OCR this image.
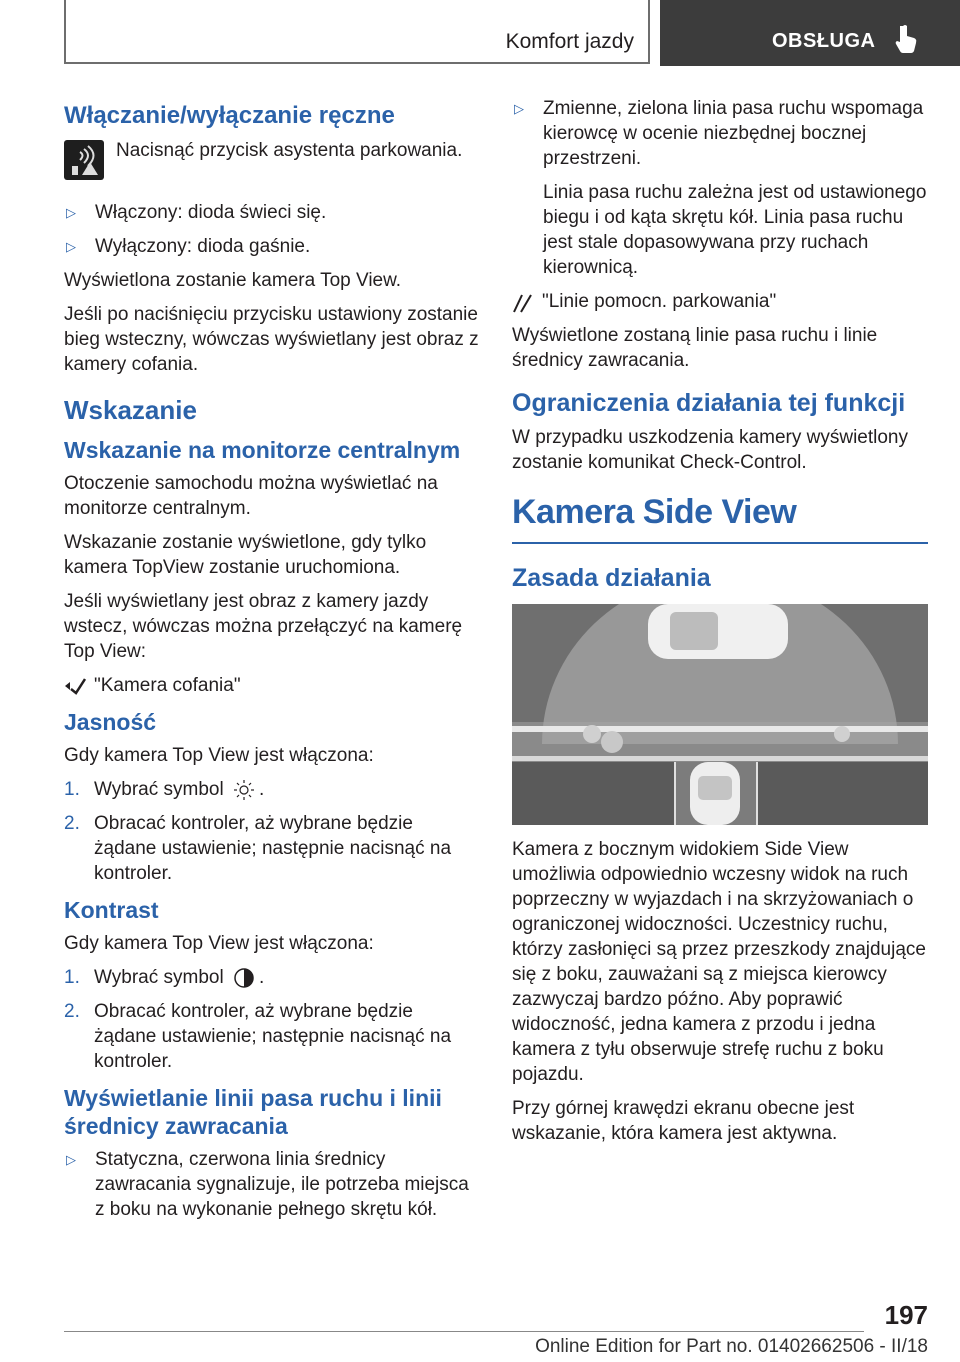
Komfort jazdy	OBSŁUGA
Włączanie/wyłączanie ręczne

Nacisnąć przycisk asystenta parkowania.

▷ Włączony: dioda świeci się.
▷ Wyłączony: dioda gaśnie.

Wyświetlona zostanie kamera Top View.

Jeśli po naciśnięciu przycisku ustawiony zostanie bieg wsteczny, wówczas wyświetlany jest obraz z kamery cofania.

Wskazanie
Wskazanie na monitorze centralnym

Otoczenie samochodu można wyświetlać na monitorze centralnym.

Wskazanie zostanie wyświetlone, gdy tylko kamera TopView zostanie uruchomiona.

Jeśli wyświetlany jest obraz z kamery jazdy wstecz, wówczas można przełączyć na kamerę Top View:

"Kamera cofania"

Jasność

Gdy kamera Top View jest włączona:

1. Wybrać symbol .
2. Obracać kontroler, aż wybrane będzie żądane ustawienie; następnie nacisnąć na kontroler.
Kontrast

Gdy kamera Top View jest włączona:

1. Wybrać symbol .
2. Obracać kontroler, aż wybrane będzie żądane ustawienie; następnie nacisnąć na kontroler.
Wyświetlanie linii pasa ruchu i linii średnicy zawracania
▷ Statyczna, czerwona linia średnicy zawracania sygnalizuje, ile potrzeba miejsca z boku na wykonanie pełnego skrętu kół.
▷ Zmienne, zielona linia pasa ruchu wspomaga kierowcę w ocenie niezbędnej bocznej przestrzeni.

Linia pasa ruchu zależna jest od ustawionego biegu i od kąta skrętu kół. Linia pasa ruchu jest stale dopasowywana przy ruchach kierownicą.

"Linie pomocn. parkowania"

Wyświetlone zostaną linie pasa ruchu i linie średnicy zawracania.

Ograniczenia działania tej funkcji

W przypadku uszkodzenia kamery wyświetlony zostanie komunikat Check-Control.

Kamera Side View
Zasada działania

Kamera z bocznym widokiem Side View umożliwia odpowiednio wczesny widok na ruch poprzeczny w wyjazdach i na skrzyżowaniach o ograniczonej widoczności. Uczestnicy ruchu, którzy zasłonięci są przez przeszkody znajdujące się z boku, zauważani są z miejsca kierowcy zazwyczaj bardzo późno. Aby poprawić widoczność, jedna kamera z przodu i jedna kamera z tyłu obserwuje strefę ruchu z boku pojazdu.

Przy górnej krawędzi ekranu obecne jest wskazanie, która kamera jest aktywna.

197
Online Edition for Part no. 01402662506 - II/18
